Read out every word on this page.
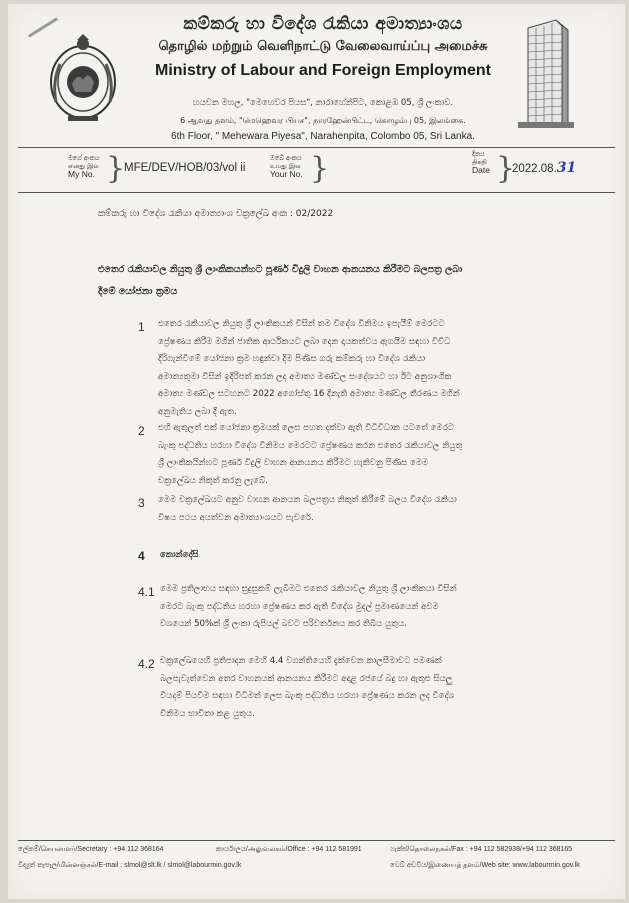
කම්කරු හා විදේශ රැකියා අමාත්‍යාංශය
தொழில் மற்றும் வெளிநாட்டு வேலைவாய்ப்பு அமைச்சு
Ministry of Labour and Foreign Employment
හයවන මහල, "මෙහෙවර පියස", නාරාහේන්පිට, කොළඹ 05, ශ්‍රී ලංකාව.
6 ஆவது தளம், "மெஹெவர பியச", நாரஹேன்பிட்ட, கொழும்பு 05, இலங்கை.
6th Floor, " Mehewara Piyesa", Narahenpita, Colombo 05, Sri Lanka.
මගේ අංකය
எனது இல
My No. }
MFE/DEV/HOB/03/vol ii
ඔබේ අංකය
உமது இல
Your No. }	දිනය
திகதி
Date }
2022.08.31
කම්කරු හා විදේශ රැකියා අමාත්‍යාංශ චක්‍රලේඛ අංක : 02/2022
එතෙර රැකියාවල නියුතු ශ්‍රී ලාංකිකයන්හට පූර්ණ විදුලි වාහන ආනයනය කිරීමට බලපත්‍ර ලබා
දීමේ යෝජනා ක්‍රමය
1 එතෙර රැකියාවල නියුතු ශ්‍රී ලාංකිකයන් විසින් තම විදේශ විනිමය ඉපැයීම් මෙරටට
ප්‍රේෂණය කිරීම මගින් ජාතික ආර්ථිකයට ලබා දෙන දායකත්වය ඇගයීම සඳහා විවිධ
දිරිගැන්වීමේ යෝජනා ක්‍රම හඳුන්වා දීම පිණිස ගරු කම්කරු හා විදේශ රැකියා
අමාත්‍යතුමා විසින් ඉදිරිපත් කරන ලද අමාත්‍ය මණ්ඩල සංදේශයට හා ඊට අනුශාංගික
අමාත්‍ය මණ්ඩල සටහනට 2022 අගෝස්තු 16 දිනැති අමාත්‍ය මණ්ඩල තීරණය මගින්
අනුමැතිය ලබා දී ඇත.
2 එහි ඇතුලත් එක් යෝජනා ක්‍රමයක් ලෙස පහත දක්වා ඇති විධිවිධාන යටතේ මෙරට
බැංකු පද්ධතිය හරහා විදේශ විනිමය මෙරටට ප්‍රේෂණය කරන එතෙර රැකියාවල නියුතු
ශ්‍රී ලාංකිකයින්හට පූර්ණ විදුලි වාහන ආනයනය කිරීමට හැකිවනු පිණිස මෙම
චක්‍රලේඛය නිකුත් කරනු ලැබේ.
3 මෙම චක්‍රලේඛයට අනුව වාහන ආනයන බලපත්‍රය නිකුත් කිරීමේ බලය විදේශ රැකියා
විෂය පථය අයත්වන අමාත්‍යාංශයට පැවරේ.
4 කොන්දේසි
4.1 මෙම ප්‍රතිලාභය සඳහා සුදුසුකම් ලැබීමට එතෙර රැකියාවල නියුතු ශ්‍රී ලාංකිකයා විසින්
මෙරට බැංකු පද්ධතිය හරහා ප්‍රේෂණය කර ඇති විදේශ මුදල් ප්‍රමාණයෙන් අවම
වශයෙන් 50%ක් ශ්‍රී ලංකා රුපියල් බවට පරිවර්තනය කර තිබිය යුතුය.
4.2 චක්‍රලේඛයෙහි ප්‍රතිපාදන මෙහි 4.4 වගන්තියෙහි දැක්වෙන කාලසීමාවට පමණක්
බලපැවැත්වෙන අතර වාහනයක් ආනයනය කිරීමට අදාළ රජයේ බදු හා ඇතුළු සියලු
වියදම් පියවීම සඳහා විධිමත් ලෙස බැංකු පද්ධතිය හරහා ප්‍රේෂණය කරන ලද විදේශ
විනිමය භාවිතා කළ යුතුය.
ලේකම්/செயலாளர்/Secretary : +94 112 368164	කාර්යාලය/அலுவலகம்/Office : +94 112 581991	ෆැක්ස්/தொலைநகல்/Fax : +94 112 582938/+94 112 368165
විද්‍යුත් තැපෑල/மின்னஞ்சல்/E-mail : slmol@slt.lk / slmol@labourmin.gov.lk	වෙබ් අඩවිය/இணையத் தளம்/Web site: www.labourmin.gov.lk
